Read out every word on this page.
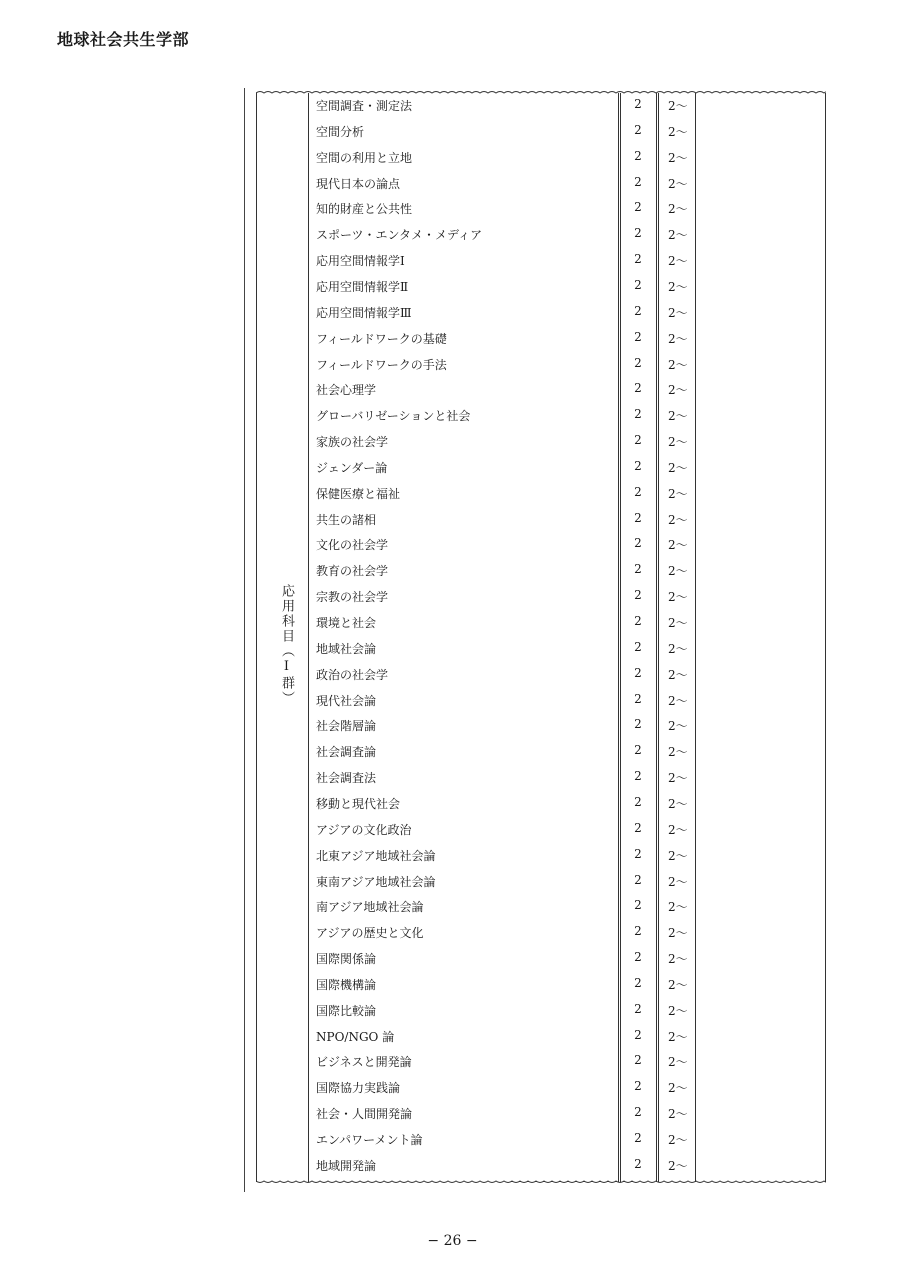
地球社会共生学部
応用科目（Ⅰ群）
空間調査・測定法	2	2〜
空間分析	2	2〜
空間の利用と立地	2	2〜
現代日本の論点	2	2〜
知的財産と公共性	2	2〜
スポーツ・エンタメ・メディア	2	2〜
応用空間情報学Ⅰ	2	2〜
応用空間情報学Ⅱ	2	2〜
応用空間情報学Ⅲ	2	2〜
フィールドワークの基礎	2	2〜
フィールドワークの手法	2	2〜
社会心理学	2	2〜
グローバリゼーションと社会	2	2〜
家族の社会学	2	2〜
ジェンダー論	2	2〜
保健医療と福祉	2	2〜
共生の諸相	2	2〜
文化の社会学	2	2〜
教育の社会学	2	2〜
宗教の社会学	2	2〜
環境と社会	2	2〜
地域社会論	2	2〜
政治の社会学	2	2〜
現代社会論	2	2〜
社会階層論	2	2〜
社会調査論	2	2〜
社会調査法	2	2〜
移動と現代社会	2	2〜
アジアの文化政治	2	2〜
北東アジア地域社会論	2	2〜
東南アジア地域社会論	2	2〜
南アジア地域社会論	2	2〜
アジアの歴史と文化	2	2〜
国際関係論	2	2〜
国際機構論	2	2〜
国際比較論	2	2〜
NPO/NGO 論	2	2〜
ビジネスと開発論	2	2〜
国際協力実践論	2	2〜
社会・人間開発論	2	2〜
エンパワーメント論	2	2〜
地域開発論	2	2〜
− 26 −
